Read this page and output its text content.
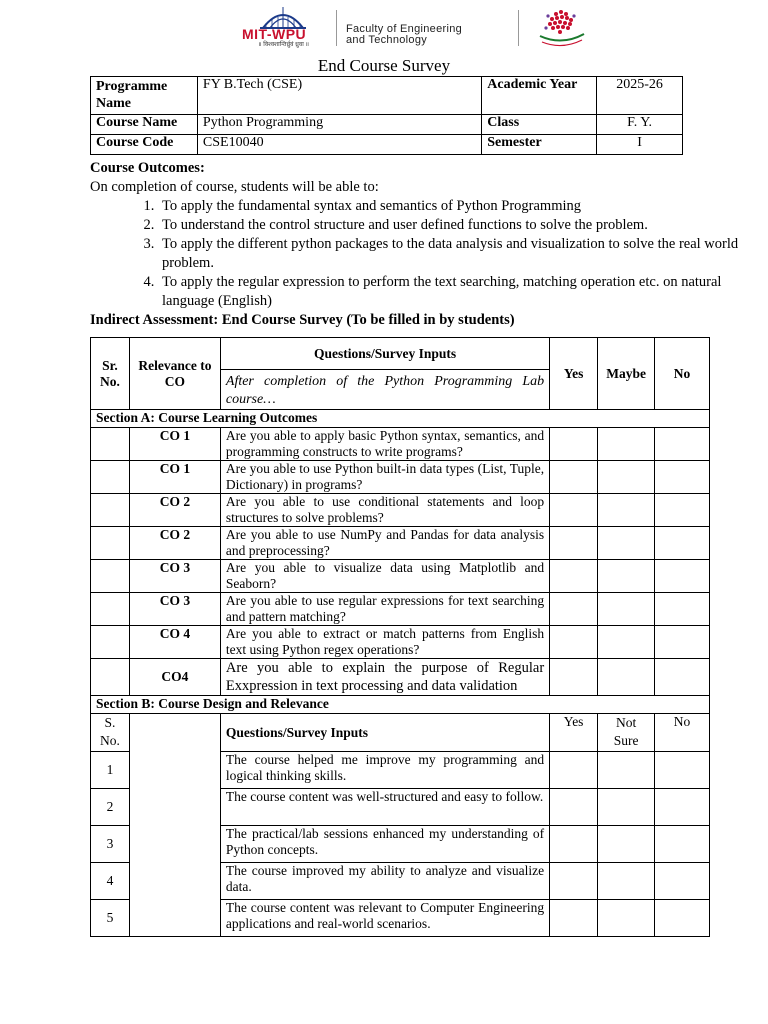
MIT-WPU
॥ विश्वशान्तिर्ध्रुवं ध्रुवा ॥
Faculty of Engineering
and Technology
End Course Survey
Programme Name	FY B.Tech (CSE)	Academic Year	2025-26
Course Name	Python Programming	Class	F. Y.
Course Code	CSE10040	Semester	I
Course Outcomes:
On completion of course, students will be able to:
1. To apply the fundamental syntax and semantics of Python Programming
2. To understand the control structure and user defined functions to solve the problem.
3. To apply the different python packages to the data analysis and visualization to solve the real world problem.
4. To apply the regular expression to perform the text searching, matching operation etc. on natural language (English)
Indirect Assessment: End Course Survey (To be filled in by students)
Sr. No.	Relevance to CO	Questions/Survey Inputs
After completion of the Python Programming Lab course…	Yes	Maybe	No
Section A: Course Learning Outcomes					
	CO 1	Are you able to apply basic Python syntax, semantics, and programming constructs to write programs?			
	CO 1	Are you able to use Python built-in data types (List, Tuple, Dictionary) in programs?			
	CO 2	Are you able to use conditional statements and loop structures to solve problems?			
	CO 2	Are you able to use NumPy and Pandas for data analysis and preprocessing?			
	CO 3	Are you able to visualize data using Matplotlib and Seaborn?			
	CO 3	Are you able to use regular expressions for text searching and pattern matching?			
	CO 4	Are you able to extract or match patterns from English text using Python regex operations?			
	CO4	Are you able to explain the purpose of Regular Exxpression in text processing and data validation			
Section B: Course Design and Relevance					
S. No.		Questions/Survey Inputs	Yes	Not Sure	No
1		The course helped me improve my programming and logical thinking skills.			
2		The course content was well-structured and easy to follow.			
3		The practical/lab sessions enhanced my understanding of Python concepts.			
4		The course improved my ability to analyze and visualize data.			
5		The course content was relevant to Computer Engineering applications and real-world scenarios.			
